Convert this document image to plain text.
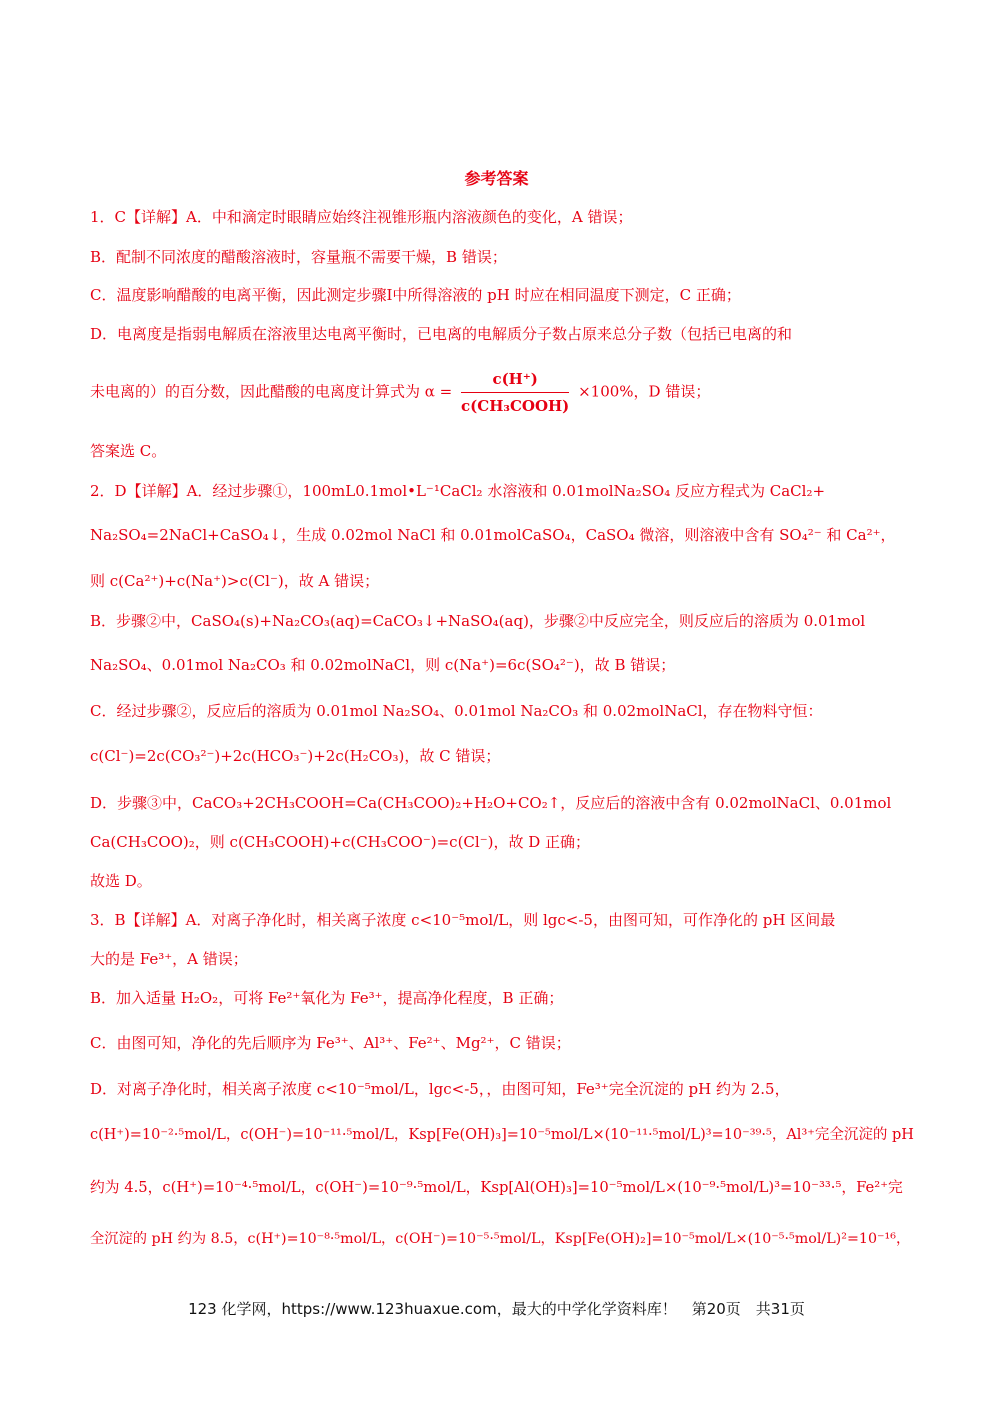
参考答案
1．C【详解】A．中和滴定时眼睛应始终注视锥形瓶内溶液颜色的变化，A 错误；
B．配制不同浓度的醋酸溶液时，容量瓶不需要干燥，B 错误；
C．温度影响醋酸的电离平衡，因此测定步骤I中所得溶液的 pH 时应在相同温度下测定，C 正确；
D．电离度是指弱电解质在溶液里达电离平衡时，已电离的电解质分子数占原来总分子数（包括已电离的和
未电离的）的百分数，因此醋酸的电离度计算式为 $\alpha = \frac{c(H^+)}{\text{c(CH₃COOH)}} \times 100\%$，D 错误；
答案选 C。
2．D【详解】A．经过步骤①，100mL0.1mol•L⁻¹CaCl₂ 水溶液和 0.01molNa₂SO₄ 反应方程式为 CaCl₂+
Na₂SO₄=2NaCl+CaSO₄↓，生成 0.02mol NaCl 和 0.01molCaSO₄，CaSO₄ 微溶，则溶液中含有 SO₄²⁻ 和 Ca²⁺，
则 c(Ca²⁺)+c(Na⁺)>c(Cl⁻)，故 A 错误；
B．步骤②中，CaSO₄(s)+Na₂CO₃(aq)=CaCO₃↓+NaSO₄(aq)，步骤②中反应完全，则反应后的溶质为 0.01mol
Na₂SO₄、0.01mol Na₂CO₃ 和 0.02molNaCl，则 c(Na⁺)=6c(SO₄²⁻)，故 B 错误；
C．经过步骤②，反应后的溶质为 0.01mol Na₂SO₄、0.01mol Na₂CO₃ 和 0.02molNaCl，存在物料守恒：
c(Cl⁻)=2c(CO₃²⁻)+2c(HCO₃⁻)+2c(H₂CO₃)，故 C 错误；
D．步骤③中，CaCO₃+2CH₃COOH=Ca(CH₃COO)₂+H₂O+CO₂↑，反应后的溶液中含有 0.02molNaCl、0.01mol
Ca(CH₃COO)₂，则 c(CH₃COOH)+c(CH₃COO⁻)=c(Cl⁻)，故 D 正确；
故选 D。
3．B【详解】A．对离子净化时，相关离子浓度 c<10⁻⁵mol/L，则 lgc<-5，由图可知，可作净化的 pH 区间最
大的是 Fe³⁺，A 错误；
B．加入适量 H₂O₂，可将 Fe²⁺氧化为 Fe³⁺，提高净化程度，B 正确；
C．由图可知，净化的先后顺序为 Fe³⁺、Al³⁺、Fe²⁺、Mg²⁺，C 错误；
D．对离子净化时，相关离子浓度 c<10⁻⁵mol/L，lgc<-5，，由图可知，Fe³⁺完全沉淀的 pH 约为 2.5，
c(H⁺)=10⁻²·⁵mol/L，c(OH⁻)=10⁻¹¹·⁵mol/L，Ksp[Fe(OH)₃]=10⁻⁵mol/L×(10⁻¹¹·⁵mol/L)³=10⁻³⁹·⁵，Al³⁺完全沉淀的 pH
约为 4.5，c(H⁺)=10⁻⁴·⁵mol/L，c(OH⁻)=10⁻⁹·⁵mol/L，Ksp[Al(OH)₃]=10⁻⁵mol/L×(10⁻⁹·⁵mol/L)³=10⁻³³·⁵，Fe²⁺完
全沉淀的 pH 约为 8.5，c(H⁺)=10⁻⁸·⁵mol/L，c(OH⁻)=10⁻⁵·⁵mol/L，Ksp[Fe(OH)₂]=10⁻⁵mol/L×(10⁻⁵·⁵mol/L)²=10⁻¹⁶，
123 化学网，https://www.123huaxue.com，最大的中学化学资料库！　第20页　共31页
